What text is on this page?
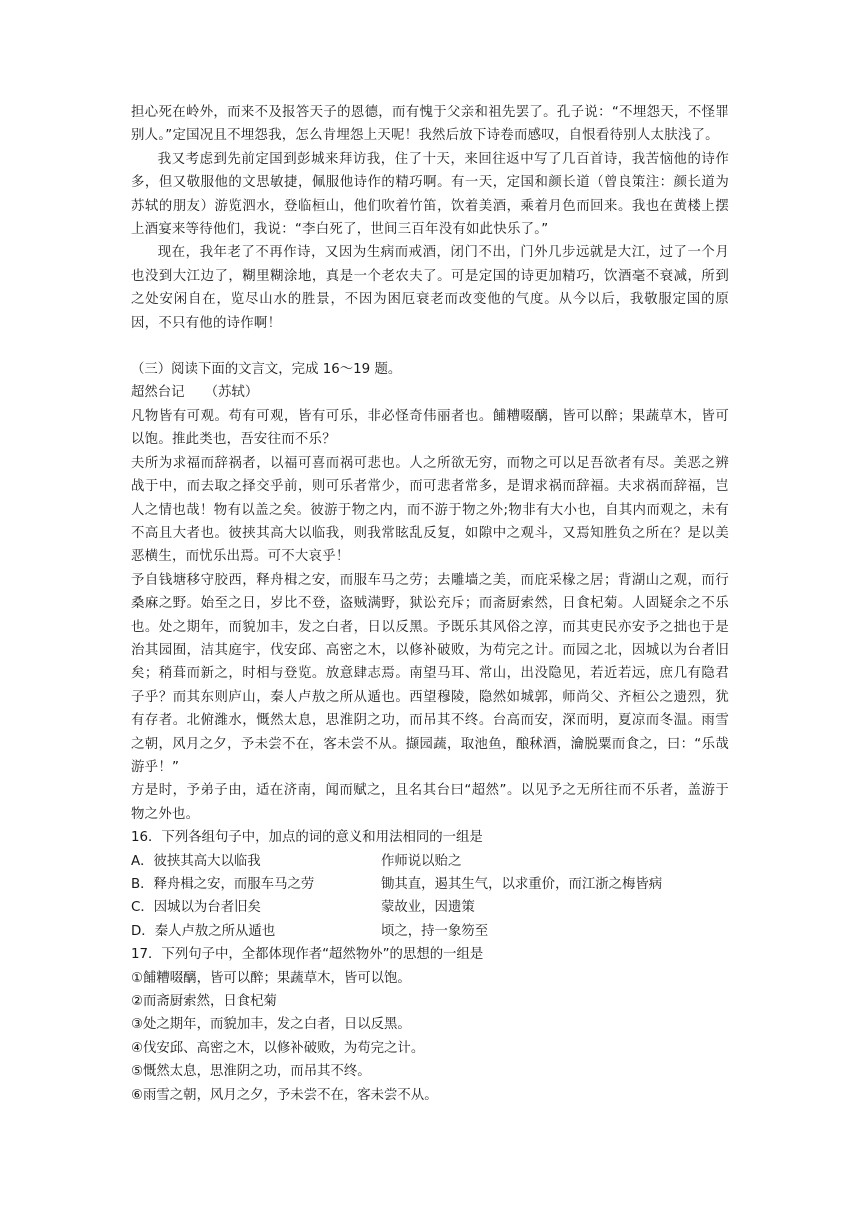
担心死在岭外，而来不及报答天子的恩德，而有愧于父亲和祖先罢了。孔子说：“不埋怨天，不怪罪别人。”定国况且不埋怨我，怎么肯埋怨上天呢！我然后放下诗卷而感叹，自恨看待别人太肤浅了。

我又考虑到先前定国到彭城来拜访我，住了十天，来回往返中写了几百首诗，我苦恼他的诗作多，但又敬服他的文思敏捷，佩服他诗作的精巧啊。有一天，定国和颜长道（曾良策注：颜长道为苏轼的朋友）游览泗水，登临桓山，他们吹着竹笛，饮着美酒，乘着月色而回来。我也在黄楼上摆上酒宴来等待他们，我说：“李白死了，世间三百年没有如此快乐了。”

现在，我年老了不再作诗，又因为生病而戒酒，闭门不出，门外几步远就是大江，过了一个月也没到大江边了，糊里糊涂地，真是一个老农夫了。可是定国的诗更加精巧，饮酒毫不衰减，所到之处安闲自在，览尽山水的胜景，不因为困厄衰老而改变他的气度。从今以后，我敬服定国的原因，不只有他的诗作啊！

（三）阅读下面的文言文，完成 16～19 题。

超然台记　　（苏轼）

凡物皆有可观。苟有可观，皆有可乐，非必怪奇伟丽者也。餔糟啜醨，皆可以醉；果蔬草木，皆可以饱。推此类也，吾安往而不乐？

夫所为求福而辞祸者，以福可喜而祸可悲也。人之所欲无穷，而物之可以足吾欲者有尽。美恶之辨战于中，而去取之择交乎前，则可乐者常少，而可悲者常多，是谓求祸而辞福。夫求祸而辞福，岂人之情也哉！物有以盖之矣。彼游于物之内，而不游于物之外;物非有大小也，自其内而观之，未有不高且大者也。彼挟其高大以临我，则我常眩乱反复，如隙中之观斗，又焉知胜负之所在？是以美恶横生，而忧乐出焉。可不大哀乎！

予自钱塘移守胶西，释舟楫之安，而服车马之劳；去雕墙之美，而庇采椽之居；背湖山之观，而行桑麻之野。始至之日，岁比不登，盗贼满野，狱讼充斥；而斋厨索然，日食杞菊。人固疑余之不乐也。处之期年，而貌加丰，发之白者，日以反黑。予既乐其风俗之淳，而其吏民亦安予之拙也于是治其园囿，洁其庭宇，伐安邱、高密之木，以修补破败，为苟完之计。而园之北，因城以为台者旧矣；稍葺而新之，时相与登览。放意肆志焉。南望马耳、常山，出没隐见，若近若远，庶几有隐君子乎？而其东则庐山，秦人卢敖之所从遁也。西望穆陵，隐然如城郭，师尚父、齐桓公之遗烈，犹有存者。北俯潍水，慨然太息，思淮阴之功，而吊其不终。台高而安，深而明，夏凉而冬温。雨雪之朝，风月之夕，予未尝不在，客未尝不从。撷园蔬，取池鱼，酿秫酒，瀹脱粟而食之，曰：“乐哉游乎！”

方是时，予弟子由，适在济南，闻而赋之，且名其台曰“超然”。以见予之无所往而不乐者，盖游于物之外也。

16．下列各组句子中，加点的词的意义和用法相同的一组是

A．彼挟其高大以临我	作师说以贻之
B．释舟楫之安，而服车马之劳	锄其直，遏其生气，以求重价，而江浙之梅皆病
C．因城以为台者旧矣	蒙故业，因遗策
D．秦人卢敖之所从遁也	顷之，持一象笏至

17．下列句子中，全都体现作者“超然物外”的思想的一组是

①餔糟啜醨，皆可以醉；果蔬草木，皆可以饱。

②而斋厨索然，日食杞菊

③处之期年，而貌加丰，发之白者，日以反黑。

④伐安邱、高密之木，以修补破败，为苟完之计。

⑤慨然太息，思淮阴之功，而吊其不终。

⑥雨雪之朝，风月之夕，予未尝不在，客未尝不从。
